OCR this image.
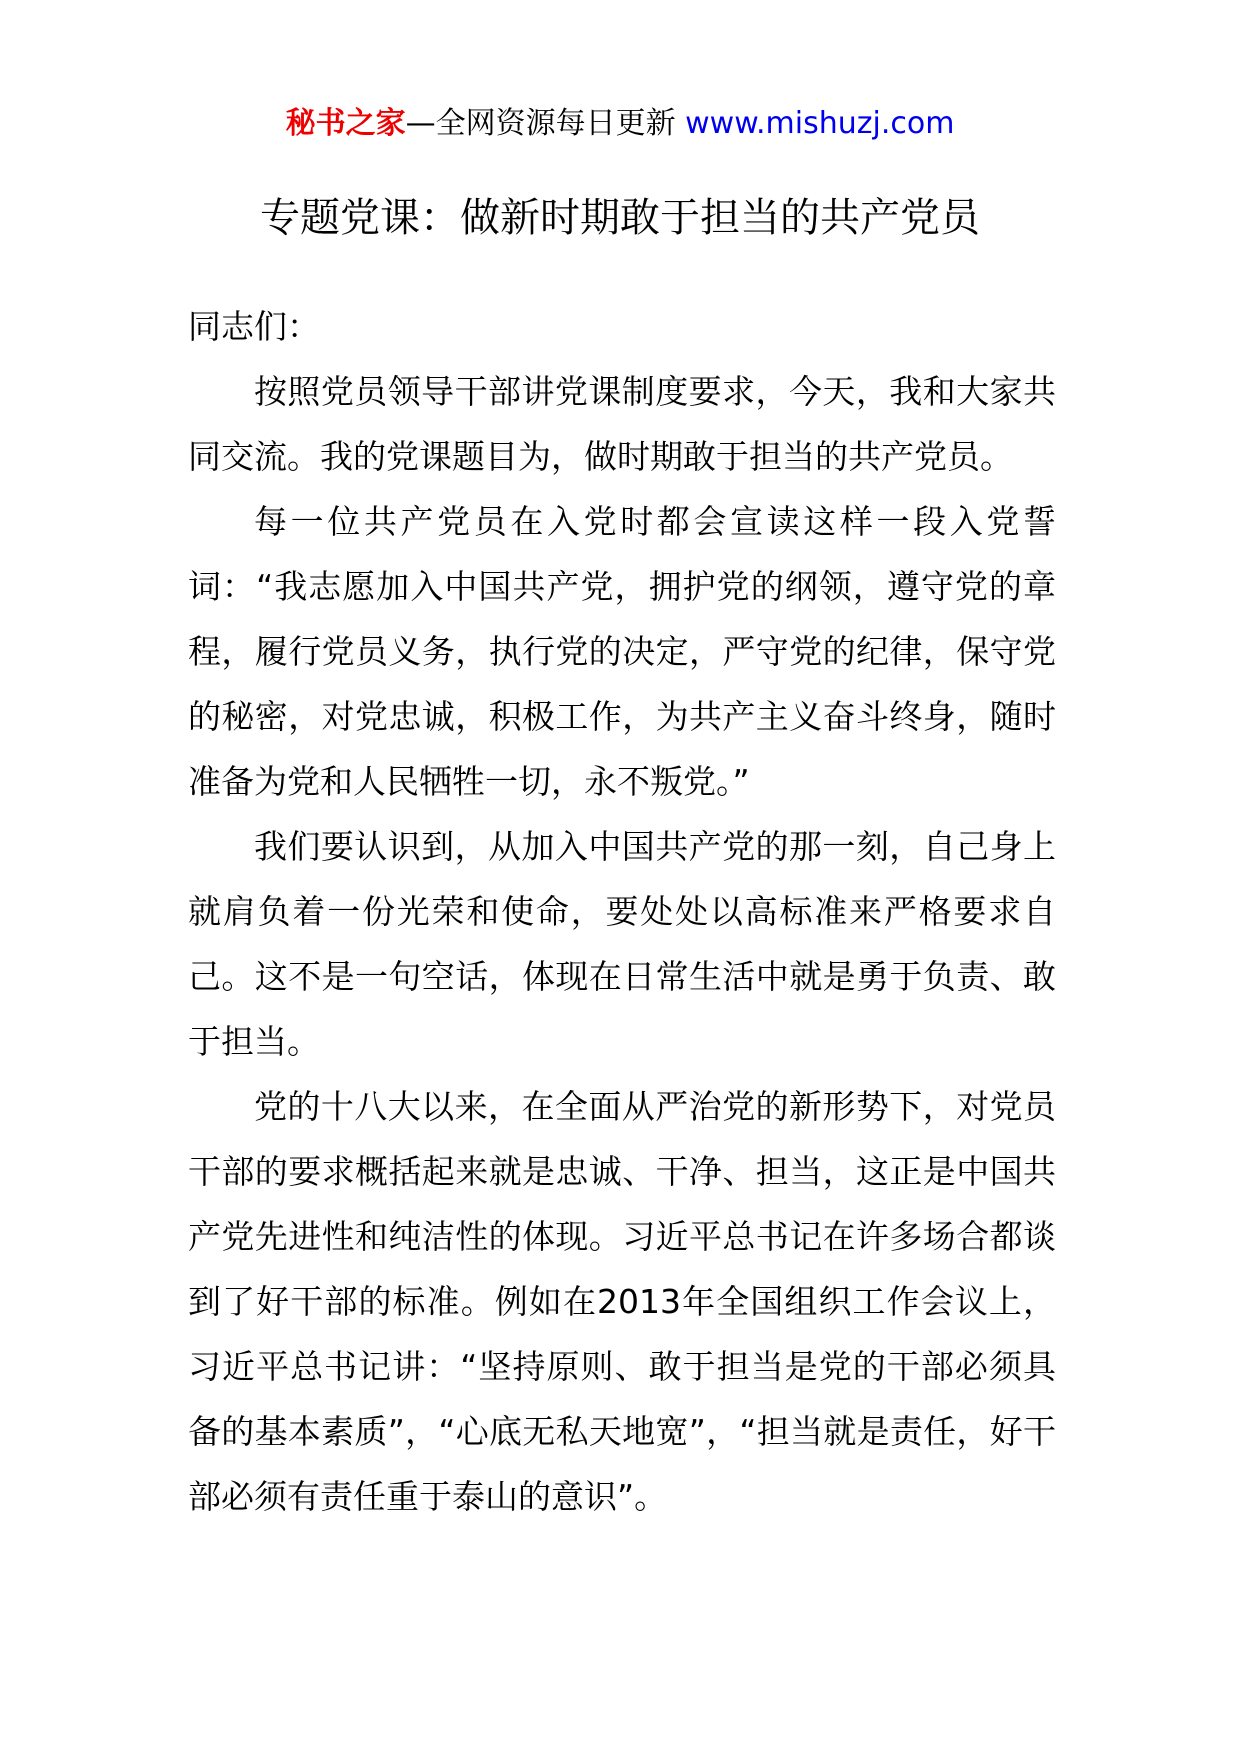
秘书之家—全网资源每日更新 www.mishuzj.com
专题党课：做新时期敢于担当的共产党员

同志们：

按照党员领导干部讲党课制度要求，今天，我和大家共同交流。我的党课题目为，做时期敢于担当的共产党员。

每一位共产党员在入党时都会宣读这样一段入党誓词：“我志愿加入中国共产党，拥护党的纲领，遵守党的章程，履行党员义务，执行党的决定，严守党的纪律，保守党的秘密，对党忠诚，积极工作，为共产主义奋斗终身，随时准备为党和人民牺牲一切，永不叛党。”

我们要认识到，从加入中国共产党的那一刻，自己身上就肩负着一份光荣和使命，要处处以高标准来严格要求自己。这不是一句空话，体现在日常生活中就是勇于负责、敢于担当。

党的十八大以来，在全面从严治党的新形势下，对党员干部的要求概括起来就是忠诚、干净、担当，这正是中国共产党先进性和纯洁性的体现。习近平总书记在许多场合都谈到了好干部的标准。例如在2013年全国组织工作会议上，习近平总书记讲：“坚持原则、敢于担当是党的干部必须具备的基本素质”，“心底无私天地宽”，“担当就是责任，好干部必须有责任重于泰山的意识”。
